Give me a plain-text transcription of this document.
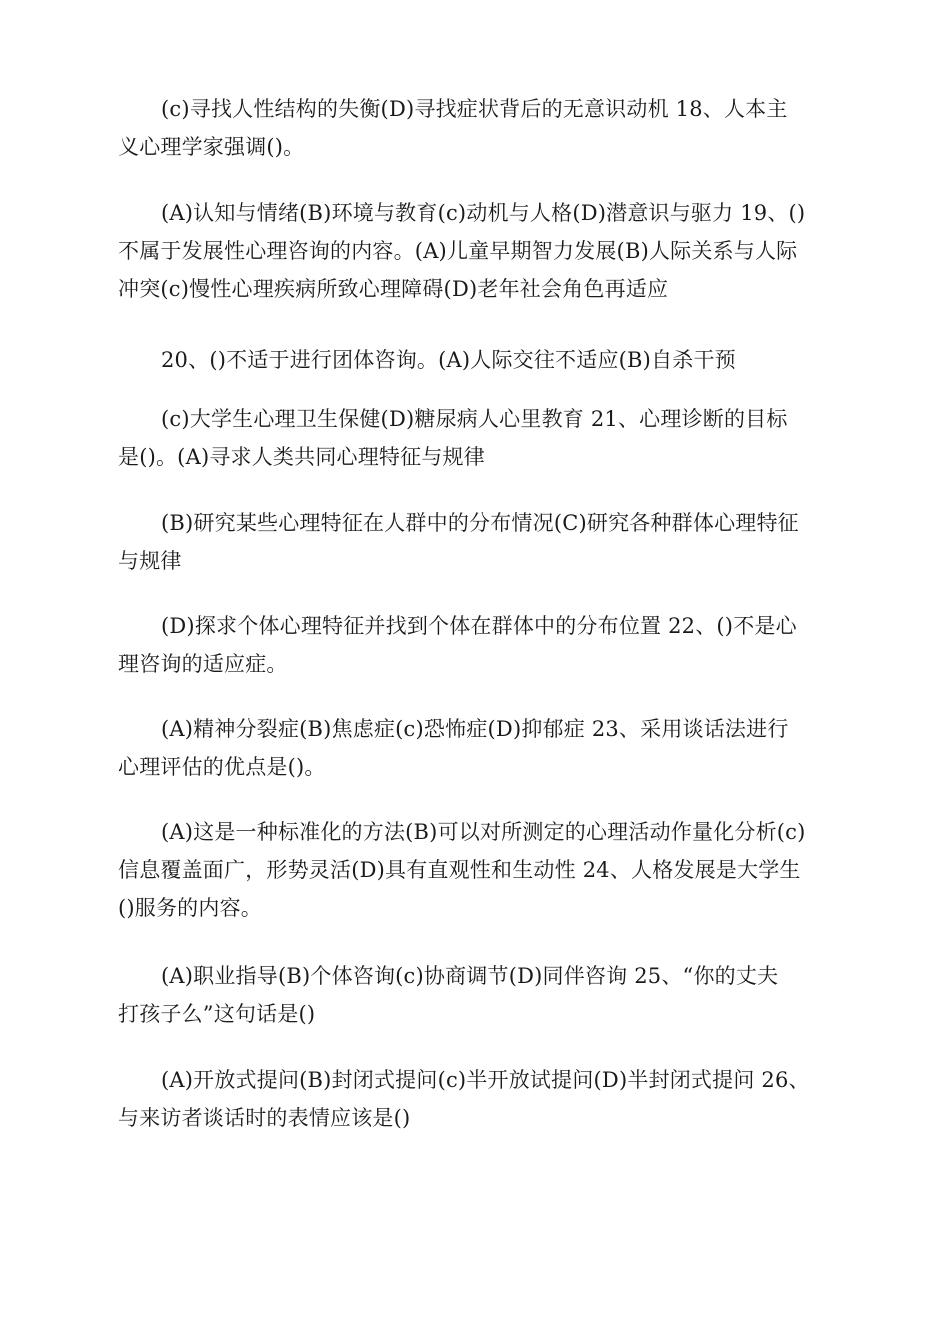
(c)寻找人性结构的失衡(D)寻找症状背后的无意识动机 18、人本主
义心理学家强调()。
(A)认知与情绪(B)环境与教育(c)动机与人格(D)潜意识与驱力 19、()
不属于发展性心理咨询的内容。(A)儿童早期智力发展(B)人际关系与人际
冲突(c)慢性心理疾病所致心理障碍(D)老年社会角色再适应
20、()不适于进行团体咨询。(A)人际交往不适应(B)自杀干预
(c)大学生心理卫生保健(D)糖尿病人心里教育 21、心理诊断的目标
是()。(A)寻求人类共同心理特征与规律
(B)研究某些心理特征在人群中的分布情况(C)研究各种群体心理特征
与规律
(D)探求个体心理特征并找到个体在群体中的分布位置 22、()不是心
理咨询的适应症。
(A)精神分裂症(B)焦虑症(c)恐怖症(D)抑郁症 23、采用谈话法进行
心理评估的优点是()。
(A)这是一种标准化的方法(B)可以对所测定的心理活动作量化分析(c)
信息覆盖面广，形势灵活(D)具有直观性和生动性 24、人格发展是大学生
()服务的内容。
(A)职业指导(B)个体咨询(c)协商调节(D)同伴咨询 25、“你的丈夫
打孩子么”这句话是()
(A)开放式提问(B)封闭式提问(c)半开放试提问(D)半封闭式提问 26、
与来访者谈话时的表情应该是()
